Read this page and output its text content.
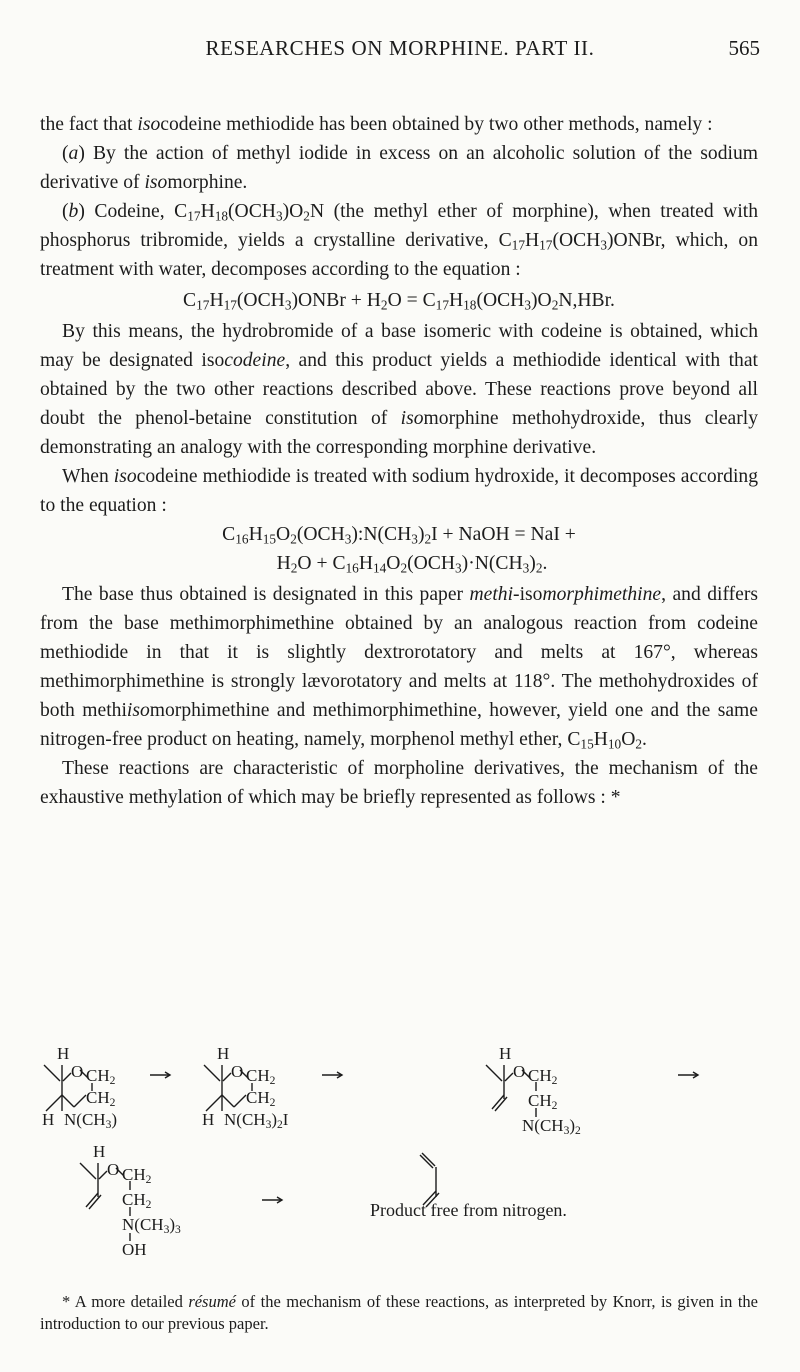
RESEARCHES ON MORPHINE. PART II.	565

the fact that isocodeine methiodide has been obtained by two other methods, namely :

(a) By the action of methyl iodide in excess on an alcoholic solution of the sodium derivative of isomorphine.

(b) Codeine, $C_{17}H_{18}(OCH_3)O_2N$ (the methyl ether of morphine), when treated with phosphorus tribromide, yields a crystalline derivative, $C_{17}H_{17}(OCH_3)ONBr$, which, on treatment with water, decomposes according to the equation :

$C_{17}H_{17}(OCH_3)ONBr + H_2O = C_{17}H_{18}(OCH_3)O_2N,HBr$.

By this means, the hydrobromide of a base isomeric with codeine is obtained, which may be designated isocodeine, and this product yields a methiodide identical with that obtained by the two other reactions described above. These reactions prove beyond all doubt the phenol-betaine constitution of isomorphine methohydroxide, thus clearly demonstrating an analogy with the corresponding morphine derivative.

When isocodeine methiodide is treated with sodium hydroxide, it decomposes according to the equation :

$C_{16}H_{15}O_2(OCH_3):N(CH_3)_2I$ + NaOH = NaI +

$H_2O + C_{16}H_{14}O_2(OCH_3)\cdot N(CH_3)_2$.

The base thus obtained is designated in this paper methi-isomorphimethine, and differs from the base methimorphimethine obtained by an analogous reaction from codeine methiodide in that it is slightly dextrorotatory and melts at 167°, whereas methimorphimethine is strongly lævorotatory and melts at 118°. The methohydroxides of both methiisomorphimethine and methimorphimethine, however, yield one and the same nitrogen-free product on heating, namely, morphenol methyl ether, $C_{15}H_{10}O_2$.

These reactions are characteristic of morpholine derivatives, the mechanism of the exhaustive methylation of which may be briefly represented as follows : *

H
O $CH_2$
$CH_2$
H $N(CH_3)$
H
O $CH_2$
$CH_2$
H $N(CH_3)_2I$
H
O $CH_2$
$CH_2$
$N(CH_3)_2$
H
O $CH_2$
$CH_2$
$N(CH_3)_3$
OH
Product free from nitrogen.

* A more detailed résumé of the mechanism of these reactions, as interpreted by Knorr, is given in the introduction to our previous paper.
